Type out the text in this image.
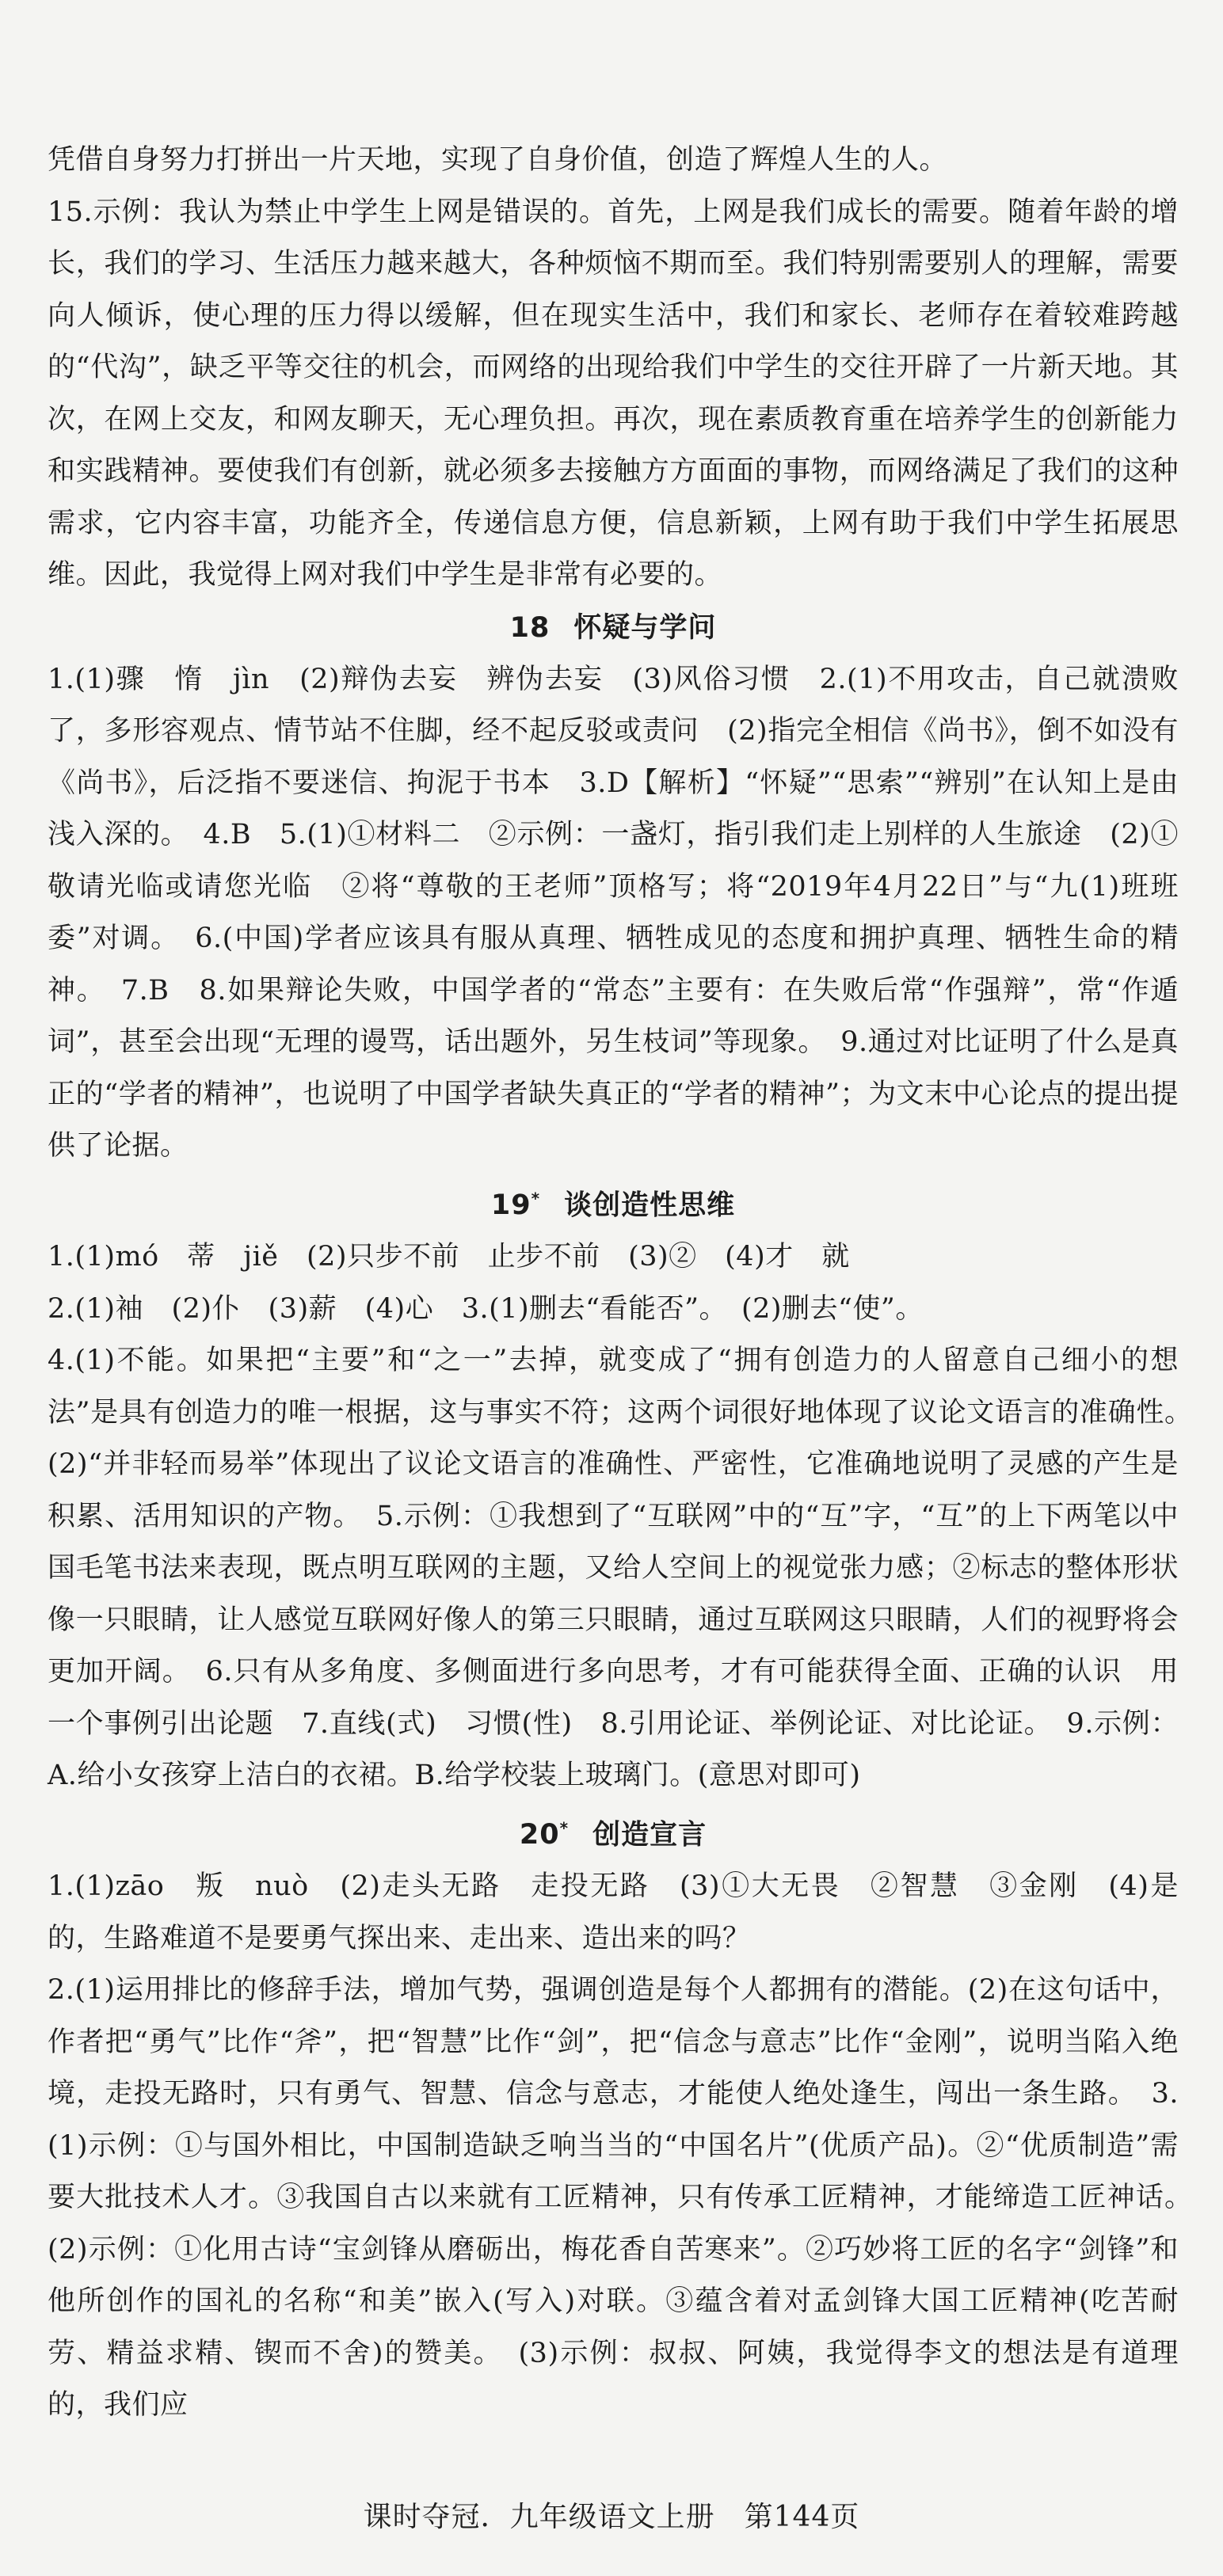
凭借自身努力打拼出一片天地，实现了自身价值，创造了辉煌人生的人。

15.示例：我认为禁止中学生上网是错误的。首先，上网是我们成长的需要。随着年龄的增长，我们的学习、生活压力越来越大，各种烦恼不期而至。我们特别需要别人的理解，需要向人倾诉，使心理的压力得以缓解，但在现实生活中，我们和家长、老师存在着较难跨越的“代沟”，缺乏平等交往的机会，而网络的出现给我们中学生的交往开辟了一片新天地。其次，在网上交友，和网友聊天，无心理负担。再次，现在素质教育重在培养学生的创新能力和实践精神。要使我们有创新，就必须多去接触方方面面的事物，而网络满足了我们的这种需求，它内容丰富，功能齐全，传递信息方便，信息新颖，上网有助于我们中学生拓展思维。因此，我觉得上网对我们中学生是非常有必要的。

18 怀疑与学问

1.(1)骤　惰　jìn　(2)辩伪去妄　辨伪去妄　(3)风俗习惯　2.(1)不用攻击，自己就溃败了，多形容观点、情节站不住脚，经不起反驳或责问　(2)指完全相信《尚书》，倒不如没有《尚书》，后泛指不要迷信、拘泥于书本　3.D【解析】“怀疑”“思索”“辨别”在认知上是由浅入深的。　4.B　5.(1)①材料二　②示例：一盏灯，指引我们走上别样的人生旅途　(2)①敬请光临或请您光临　②将“尊敬的王老师”顶格写；将“2019年4月22日”与“九(1)班班委”对调。　6.(中国)学者应该具有服从真理、牺牲成见的态度和拥护真理、牺牲生命的精神。　7.B　8.如果辩论失败，中国学者的“常态”主要有：在失败后常“作强辩”，常“作遁词”，甚至会出现“无理的谩骂，话出题外，另生枝词”等现象。　9.通过对比证明了什么是真正的“学者的精神”，也说明了中国学者缺失真正的“学者的精神”；为文末中心论点的提出提供了论据。

19* 谈创造性思维

1.(1)mó　蒂　jiě　(2)只步不前　止步不前　(3)②　(4)才　就

2.(1)袖　(2)仆　(3)薪　(4)心　3.(1)删去“看能否”。　(2)删去“使”。

4.(1)不能。如果把“主要”和“之一”去掉，就变成了“拥有创造力的人留意自己细小的想法”是具有创造力的唯一根据，这与事实不符；这两个词很好地体现了议论文语言的准确性。　(2)“并非轻而易举”体现出了议论文语言的准确性、严密性，它准确地说明了灵感的产生是积累、活用知识的产物。　5.示例：①我想到了“互联网”中的“互”字，“互”的上下两笔以中国毛笔书法来表现，既点明互联网的主题，又给人空间上的视觉张力感；②标志的整体形状像一只眼睛，让人感觉互联网好像人的第三只眼睛，通过互联网这只眼睛，人们的视野将会更加开阔。　6.只有从多角度、多侧面进行多向思考，才有可能获得全面、正确的认识　用一个事例引出论题　7.直线(式)　习惯(性)　8.引用论证、举例论证、对比论证。　9.示例：A.给小女孩穿上洁白的衣裙。B.给学校装上玻璃门。(意思对即可)

20* 创造宣言

1.(1)zāo　叛　nuò　(2)走头无路　走投无路　(3)①大无畏　②智慧　③金刚　(4)是的，生路难道不是要勇气探出来、走出来、造出来的吗？

2.(1)运用排比的修辞手法，增加气势，强调创造是每个人都拥有的潜能。(2)在这句话中，作者把“勇气”比作“斧”，把“智慧”比作“剑”，把“信念与意志”比作“金刚”，说明当陷入绝境，走投无路时，只有勇气、智慧、信念与意志，才能使人绝处逢生，闯出一条生路。　3.(1)示例：①与国外相比，中国制造缺乏响当当的“中国名片”(优质产品)。②“优质制造”需要大批技术人才。③我国自古以来就有工匠精神，只有传承工匠精神，才能缔造工匠神话。　(2)示例：①化用古诗“宝剑锋从磨砺出，梅花香自苦寒来”。②巧妙将工匠的名字“剑锋”和他所创作的国礼的名称“和美”嵌入(写入)对联。③蕴含着对孟剑锋大国工匠精神(吃苦耐劳、精益求精、锲而不舍)的赞美。　(3)示例：叔叔、阿姨，我觉得李文的想法是有道理的，我们应

课时夺冠．九年级语文上册　第144页
